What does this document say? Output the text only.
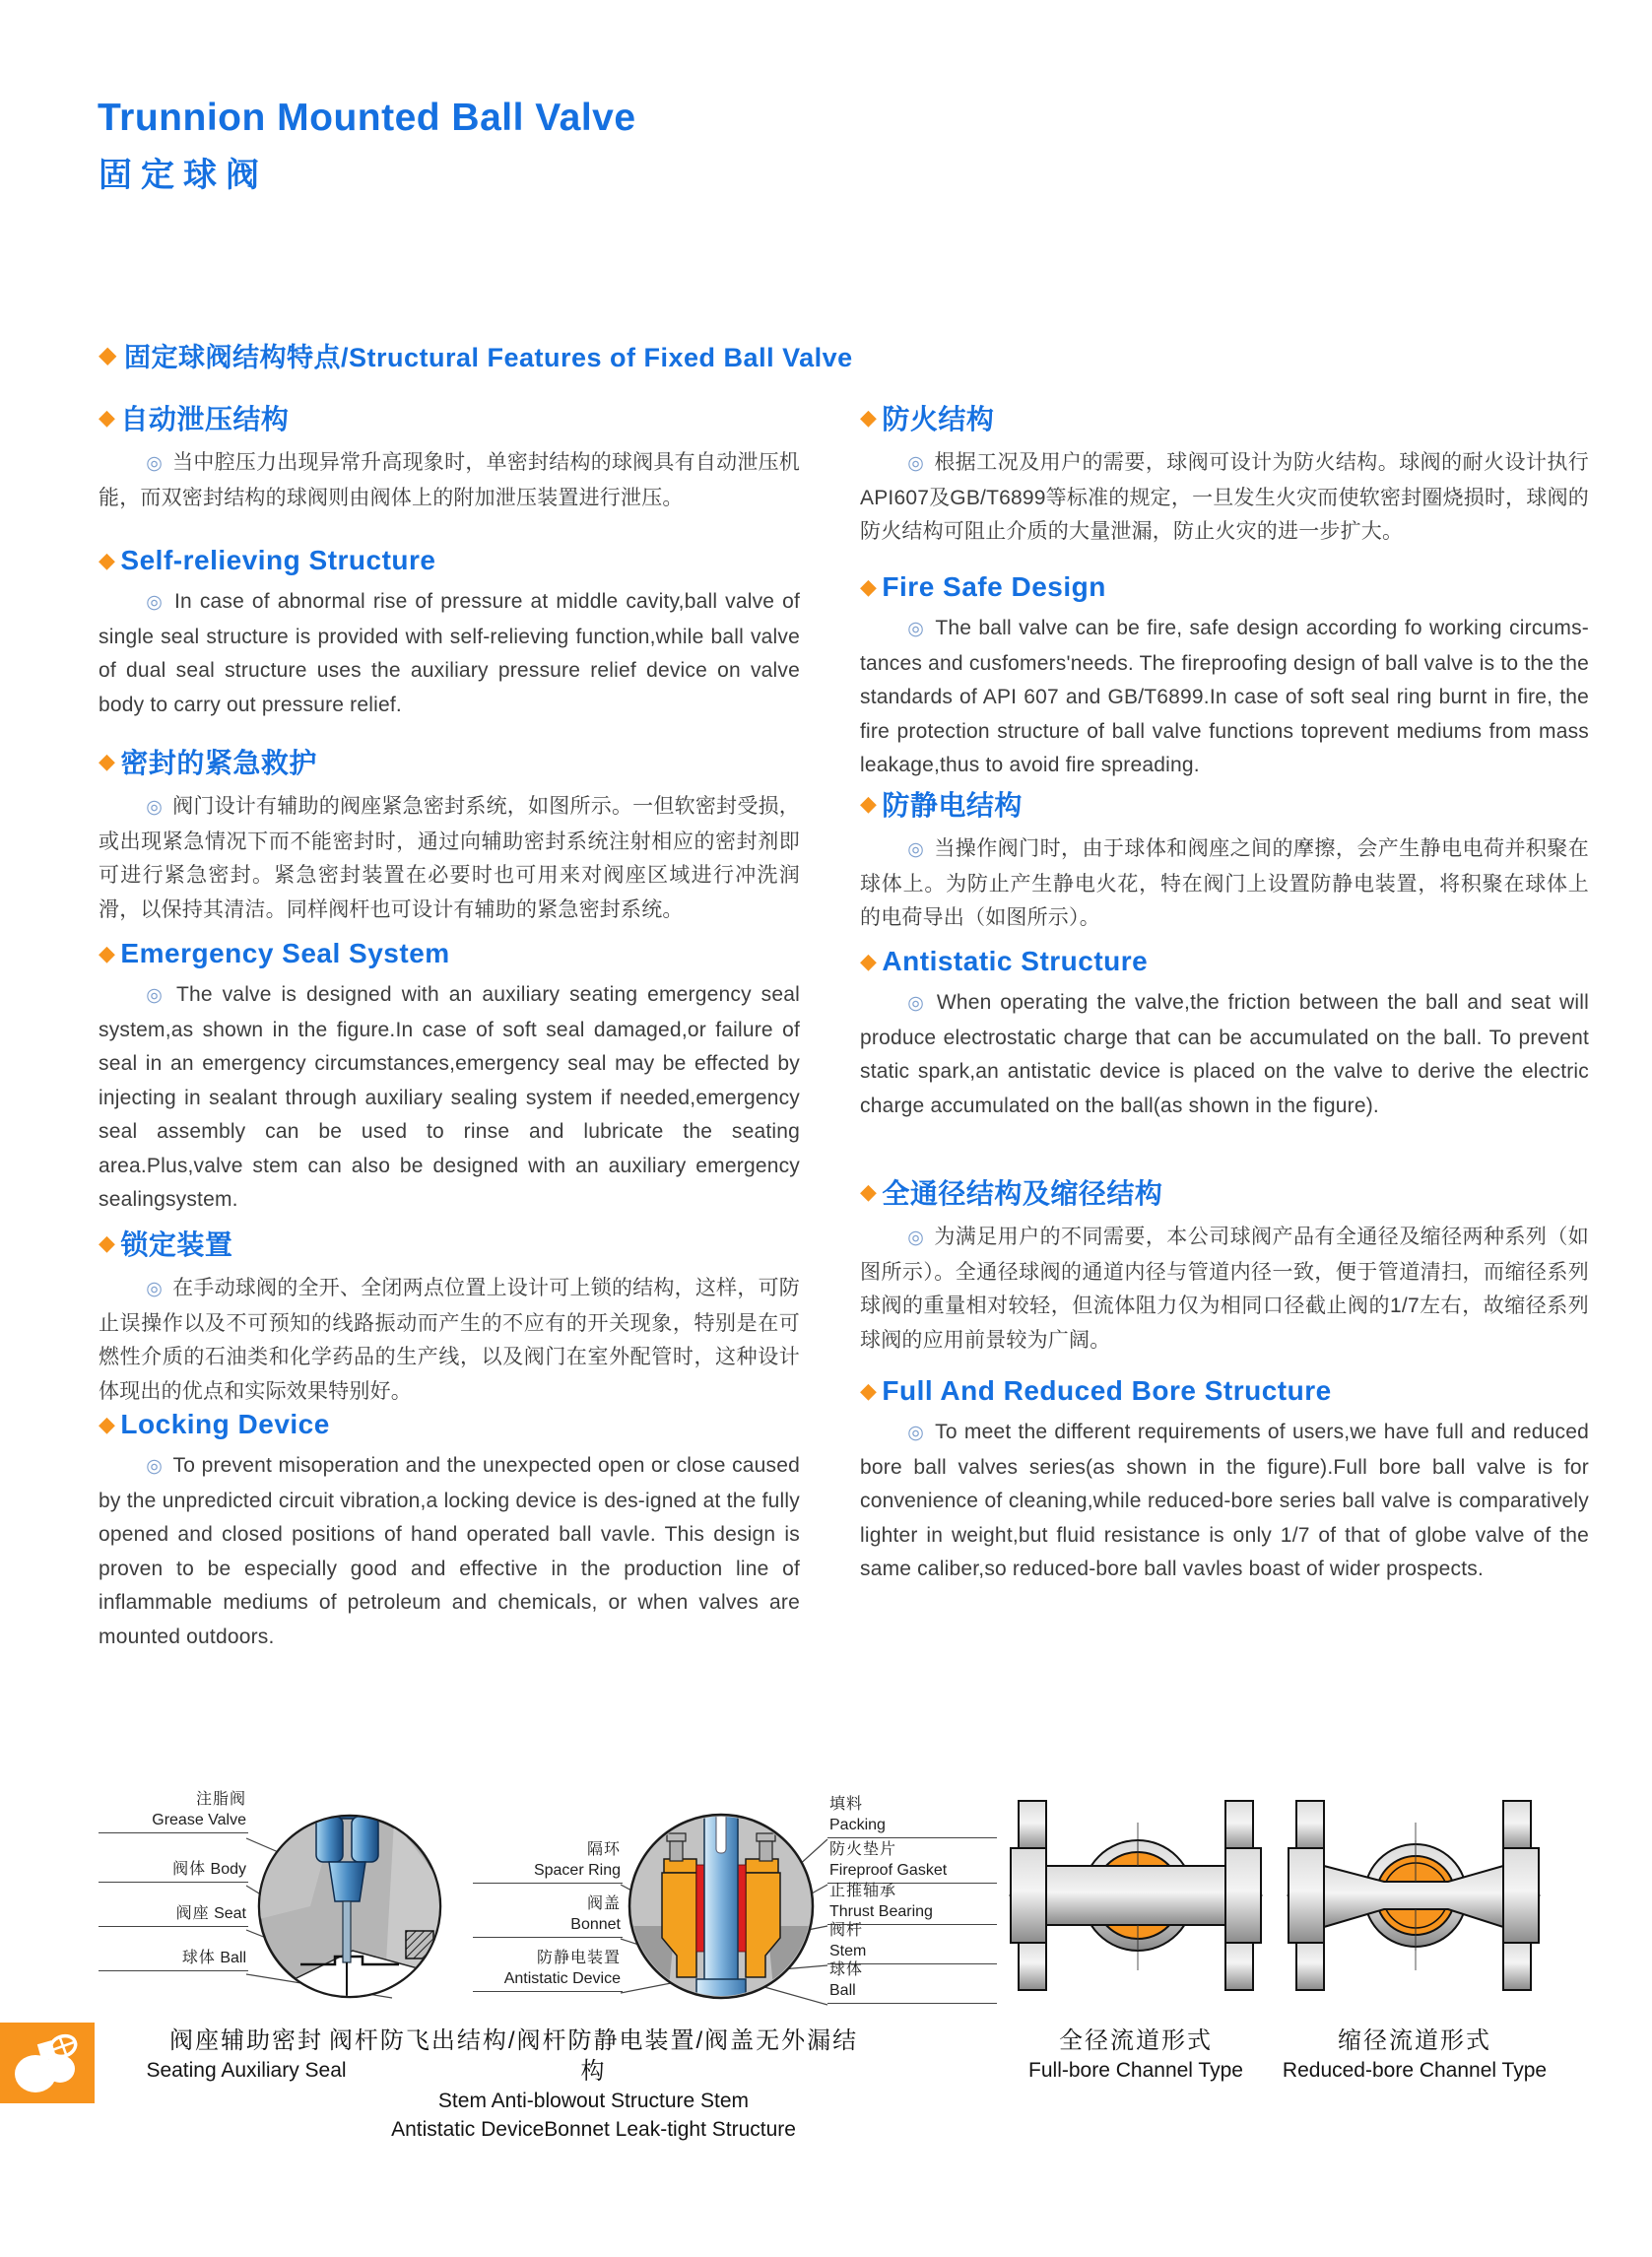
Trunnion Mounted Ball Valve
固定球阀
◆ 固定球阀结构特点/Structural Features of Fixed Ball Valve
◆ 自动泄压结构

◎ 当中腔压力出现异常升高现象时，单密封结构的球阀具有自动泄压机能，而双密封结构的球阀则由阀体上的附加泄压装置进行泄压。

◆ Self-relieving Structure

◎ In case of abnormal rise of pressure at middle cavity,ball valve of single seal structure is provided with self-relieving function,while ball valve of dual seal structure uses the auxiliary pressure relief device on valve body to carry out pressure relief.

◆ 密封的紧急救护

◎ 阀门设计有辅助的阀座紧急密封系统，如图所示。一但软密封受损，或出现紧急情况下而不能密封时，通过向辅助密封系统注射相应的密封剂即可进行紧急密封。紧急密封装置在必要时也可用来对阀座区域进行冲洗润滑，以保持其清洁。同样阀杆也可设计有辅助的紧急密封系统。

◆ Emergency Seal System

◎ The valve is designed with an auxiliary seating emergency seal system,as shown in the figure.In case of soft seal damaged,or failure of seal in an emergency circumstances,emergency seal may be effected by injecting in sealant through auxiliary sealing system if needed,emergency seal assembly can be used to rinse and lubricate the seating area.Plus,valve stem can also be designed with an auxiliary emergency sealingsystem.

◆ 锁定装置

◎ 在手动球阀的全开、全闭两点位置上设计可上锁的结构，这样，可防止误操作以及不可预知的线路振动而产生的不应有的开关现象，特别是在可燃性介质的石油类和化学药品的生产线，以及阀门在室外配管时，这种设计体现出的优点和实际效果特别好。

◆ Locking Device

◎ To prevent misoperation and the unexpected open or close caused by the unpredicted circuit vibration,a locking device is des-igned at the fully opened and closed positions of hand operated ball vavle. This design is proven to be especially good and effective in the production line of inflammable mediums of petroleum and chemicals, or when valves are mounted outdoors.

◆ 防火结构

◎ 根据工况及用户的需要，球阀可设计为防火结构。球阀的耐火设计执行API607及GB/T6899等标准的规定，一旦发生火灾而使软密封圈烧损时，球阀的防火结构可阻止介质的大量泄漏，防止火灾的进一步扩大。

◆ Fire Safe Design

◎ The ball valve can be fire, safe design according fo working circums-tances and cusfomers'needs. The fireproofing design of ball valve is to the the standards of API 607 and GB/T6899.In case of soft seal ring burnt in fire, the fire protection structure of ball valve functions toprevent mediums from mass leakage,thus to avoid fire spreading.

◆ 防静电结构

◎ 当操作阀门时，由于球体和阀座之间的摩擦，会产生静电电荷并积聚在球体上。为防止产生静电火花，特在阀门上设置防静电装置，将积聚在球体上的电荷导出（如图所示）。

◆ Antistatic Structure

◎ When operating the valve,the friction between the ball and seat will produce electrostatic charge that can be accumulated on the ball. To prevent static spark,an antistatic device is placed on the valve to derive the electric charge accumulated on the ball(as shown in the figure).

◆ 全通径结构及缩径结构

◎ 为满足用户的不同需要，本公司球阀产品有全通径及缩径两种系列（如图所示）。全通径球阀的通道内径与管道内径一致，便于管道清扫，而缩径系列球阀的重量相对较轻，但流体阻力仅为相同口径截止阀的1/7左右，故缩径系列球阀的应用前景较为广阔。

◆ Full And Reduced Bore Structure

◎ To meet the different requirements of users,we have full and reduced bore ball valves series(as shown in the figure).Full bore ball valve is for convenience of cleaning,while reduced-bore series ball valve is comparatively lighter in weight,but fluid resistance is only 1/7 of that of globe valve of the same caliber,so reduced-bore ball vavles boast of wider prospects.

注脂阀
Grease Valve
阀体 Body
阀座 Seat
球体 Ball
隔环
Spacer Ring
阀盖
Bonnet
防静电装置
Antistatic Device
填料
Packing
防火垫片
Fireproof Gasket
止推轴承
Thrust Bearing
阀杆
Stem
球体
Ball
阀座辅助密封
Seating Auxiliary Seal
阀杆防飞出结构/阀杆防静电装置/阀盖无外漏结构
Stem Anti-blowout Structure Stem
Antistatic DeviceBonnet Leak-tight Structure
全径流道形式
Full-bore Channel Type
缩径流道形式
Reduced-bore Channel Type
